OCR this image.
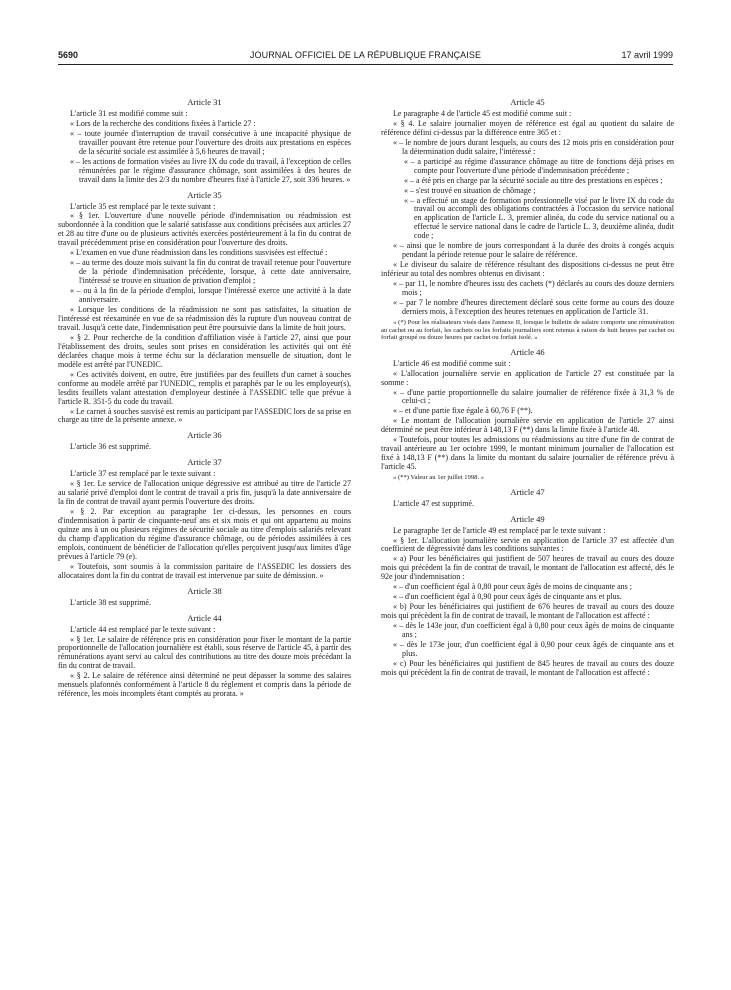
5690	JOURNAL OFFICIEL DE LA RÉPUBLIQUE FRANÇAISE	17 avril 1999
Article 31
L'article 31 est modifié comme suit :
« Lors de la recherche des conditions fixées à l'article 27 :
« – toute journée d'interruption de travail consécutive à une incapacité physique de travailler pouvant être retenue pour l'ouverture des droits aux prestations en espèces de la sécurité sociale est assimilée à 5,6 heures de travail ;
« – les actions de formation visées au livre IX du code du travail, à l'exception de celles rémunérées par le régime d'assurance chômage, sont assimilées à des heures de travail dans la limite des 2/3 du nombre d'heures fixé à l'article 27, soit 336 heures. »
Article 35
L'article 35 est remplacé par le texte suivant :
« § 1er. L'ouverture d'une nouvelle période d'indemnisation ou réadmission est subordonnée à la condition que le salarié satisfasse aux conditions précisées aux articles 27 et 28 au titre d'une ou de plusieurs activités exercées postérieurement à la fin du contrat de travail précédemment prise en considération pour l'ouverture des droits.
« L'examen en vue d'une réadmission dans les conditions susvisées est effectué :
« – au terme des douze mois suivant la fin du contrat de travail retenue pour l'ouverture de la période d'indemnisation précédente, lorsque, à cette date anniversaire, l'intéressé se trouve en situation de privation d'emploi ;
« – ou à la fin de la période d'emploi, lorsque l'intéressé exerce une activité à la date anniversaire.
« Lorsque les conditions de la réadmission ne sont pas satisfaites, la situation de l'intéressé est réexaminée en vue de sa réadmission dès la rupture d'un nouveau contrat de travail. Jusqu'à cette date, l'indemnisation peut être poursuivie dans la limite de huit jours.
« § 2. Pour recherche de la condition d'affiliation visée à l'article 27, ainsi que pour l'établissement des droits, seules sont prises en considération les activités qui ont été déclarées chaque mois à terme échu sur la déclaration mensuelle de situation, dont le modèle est arrêté par l'UNEDIC.
« Ces activités doivent, en outre, être justifiées par des feuillets d'un carnet à souches conforme au modèle arrêté par l'UNEDIC, remplis et paraphés par le ou les employeur(s), lesdits feuillets valant attestation d'employeur destinée à l'ASSEDIC telle que prévue à l'article R. 351-5 du code du travail.
« Le carnet à souches susvisé est remis au participant par l'ASSEDIC lors de sa prise en charge au titre de la présente annexe. »
Article 36
L'article 36 est supprimé.
Article 37
L'article 37 est remplacé par le texte suivant :
« § 1er. Le service de l'allocation unique dégressive est attribué au titre de l'article 27 au salarié privé d'emploi dont le contrat de travail a pris fin, jusqu'à la date anniversaire de la fin de contrat de travail ayant permis l'ouverture des droits.
« § 2. Par exception au paragraphe 1er ci-dessus, les personnes en cours d'indemnisation à partir de cinquante-neuf ans et six mois et qui ont appartenu au moins quinze ans à un ou plusieurs régimes de sécurité sociale au titre d'emplois salariés relevant du champ d'application du régime d'assurance chômage, ou de périodes assimilées à ces emplois, continuent de bénéficier de l'allocation qu'elles perçoivent jusqu'aux limites d'âge prévues à l'article 79 (e).
« Toutefois, sont soumis à la commission paritaire de l'ASSEDIC les dossiers des allocataires dont la fin du contrat de travail est intervenue par suite de démission. »
Article 38
L'article 38 est supprimé.
Article 44
L'article 44 est remplacé par le texte suivant :
« § 1er. Le salaire de référence pris en considération pour fixer le montant de la partie proportionnelle de l'allocation journalière est établi, sous réserve de l'article 45, à partir des rémunérations ayant servi au calcul des contributions au titre des douze mois précédant la fin du contrat de travail.
« § 2. Le salaire de référence ainsi déterminé ne peut dépasser la somme des salaires mensuels plafonnés conformément à l'article 8 du règlement et compris dans la période de référence, les mois incomplets étant comptés au prorata. »
Article 45
Le paragraphe 4 de l'article 45 est modifié comme suit :
« § 4. Le salaire journalier moyen de référence est égal au quotient du salaire de référence défini ci-dessus par la différence entre 365 et :
« – le nombre de jours durant lesquels, au cours des 12 mois pris en considération pour la détermination dudit salaire, l'intéressé :
« – a participé au régime d'assurance chômage au titre de fonctions déjà prises en compte pour l'ouverture d'une période d'indemnisation précédente ;
« – a été pris en charge par la sécurité sociale au titre des prestations en espèces ;
« – s'est trouvé en situation de chômage ;
« – a effectué un stage de formation professionnelle visé par le livre IX du code du travail ou accompli des obligations contractées à l'occasion du service national en application de l'article L. 3, premier alinéa, du code du service national ou a effectué le service national dans le cadre de l'article L. 3, deuxième alinéa, dudit code ;
« – ainsi que le nombre de jours correspondant à la durée des droits à congés acquis pendant la période retenue pour le salaire de référence.
« Le diviseur du salaire de référence résultant des dispositions ci-dessus ne peut être inférieur au total des nombres obtenus en divisant :
« – par 11, le nombre d'heures issu des cachets (*) déclarés au cours des douze derniers mois ;
« – par 7 le nombre d'heures directement déclaré sous cette forme au cours des douze derniers mois, à l'exception des heures retenues en application de l'article 31.
« (*) Pour les réalisateurs visés dans l'annexe II, lorsque le bulletin de salaire comporte une rémunération au cachet ou au forfait, les cachets ou les forfaits journaliers sont retenus à raison de huit heures par cachet ou forfait groupé ou douze heures par cachet ou forfait isolé. »
Article 46
L'article 46 est modifié comme suit :
« L'allocation journalière servie en application de l'article 27 est constituée par la somme :
« – d'une partie proportionnelle du salaire journalier de référence fixée à 31,3 % de celui-ci ;
« – et d'une partie fixe égale à 60,76 F (**).
« Le montant de l'allocation journalière servie en application de l'article 27 ainsi déterminé ne peut être inférieur à 148,13 F (**) dans la limite fixée à l'article 48.
« Toutefois, pour toutes les admissions ou réadmissions au titre d'une fin de contrat de travail antérieure au 1er octobre 1999, le montant minimum journalier de l'allocation est fixé à 148,13 F (**) dans la limite du montant du salaire journalier de référence prévu à l'article 45.
« (**) Valeur au 1er juillet 1998. »
Article 47
L'article 47 est supprimé.
Article 49
Le paragraphe 1er de l'article 49 est remplacé par le texte suivant :
« § 1er. L'allocation journalière servie en application de l'article 37 est affectée d'un coefficient de dégressivité dans les conditions suivantes :
« a) Pour les bénéficiaires qui justifient de 507 heures de travail au cours des douze mois qui précèdent la fin de contrat de travail, le montant de l'allocation est affecté, dès le 92e jour d'indemnisation :
« – d'un coefficient égal à 0,80 pour ceux âgés de moins de cinquante ans ;
« – d'un coefficient égal à 0,90 pour ceux âgés de cinquante ans et plus.
« b) Pour les bénéficiaires qui justifient de 676 heures de travail au cours des douze mois qui précèdent la fin de contrat de travail, le montant de l'allocation est affecté :
« – dès le 143e jour, d'un coefficient égal à 0,80 pour ceux âgés de moins de cinquante ans ;
« – dès le 173e jour, d'un coefficient égal à 0,90 pour ceux âgés de cinquante ans et plus.
« c) Pour les bénéficiaires qui justifient de 845 heures de travail au cours des douze mois qui précèdent la fin de contrat de travail, le montant de l'allocation est affecté :
